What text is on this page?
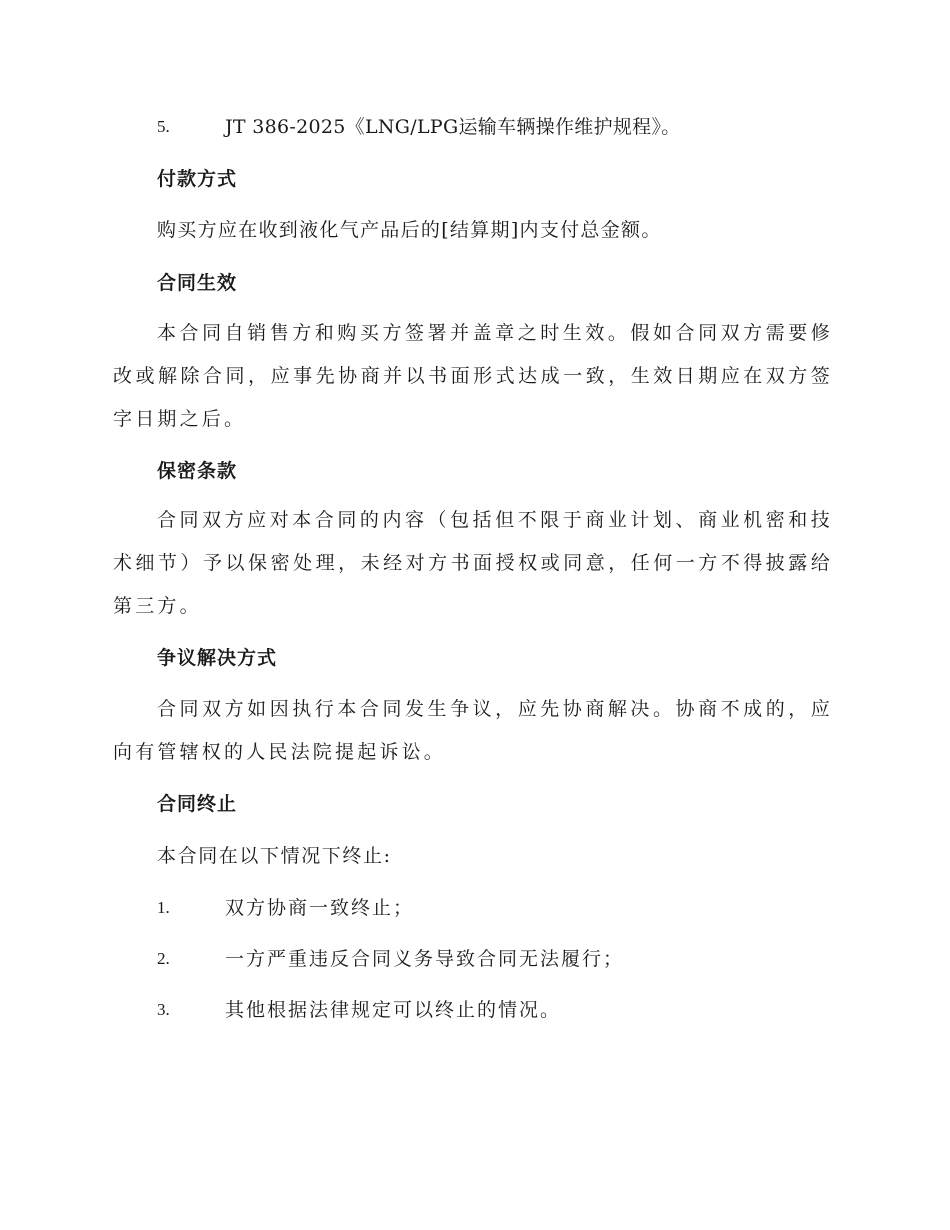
5.	JT 386-2025《LNG/LPG运输车辆操作维护规程》。
付款方式
购买方应在收到液化气产品后的[结算期]内支付总金额。
合同生效
本合同自销售方和购买方签署并盖章之时生效。假如合同双方需要修改或解除合同，应事先协商并以书面形式达成一致，生效日期应在双方签字日期之后。
保密条款
合同双方应对本合同的内容（包括但不限于商业计划、商业机密和技术细节）予以保密处理，未经对方书面授权或同意，任何一方不得披露给第三方。
争议解决方式
合同双方如因执行本合同发生争议，应先协商解决。协商不成的，应向有管辖权的人民法院提起诉讼。
合同终止
本合同在以下情况下终止:
1.	双方协商一致终止；
2.	一方严重违反合同义务导致合同无法履行；
3.	其他根据法律规定可以终止的情况。
